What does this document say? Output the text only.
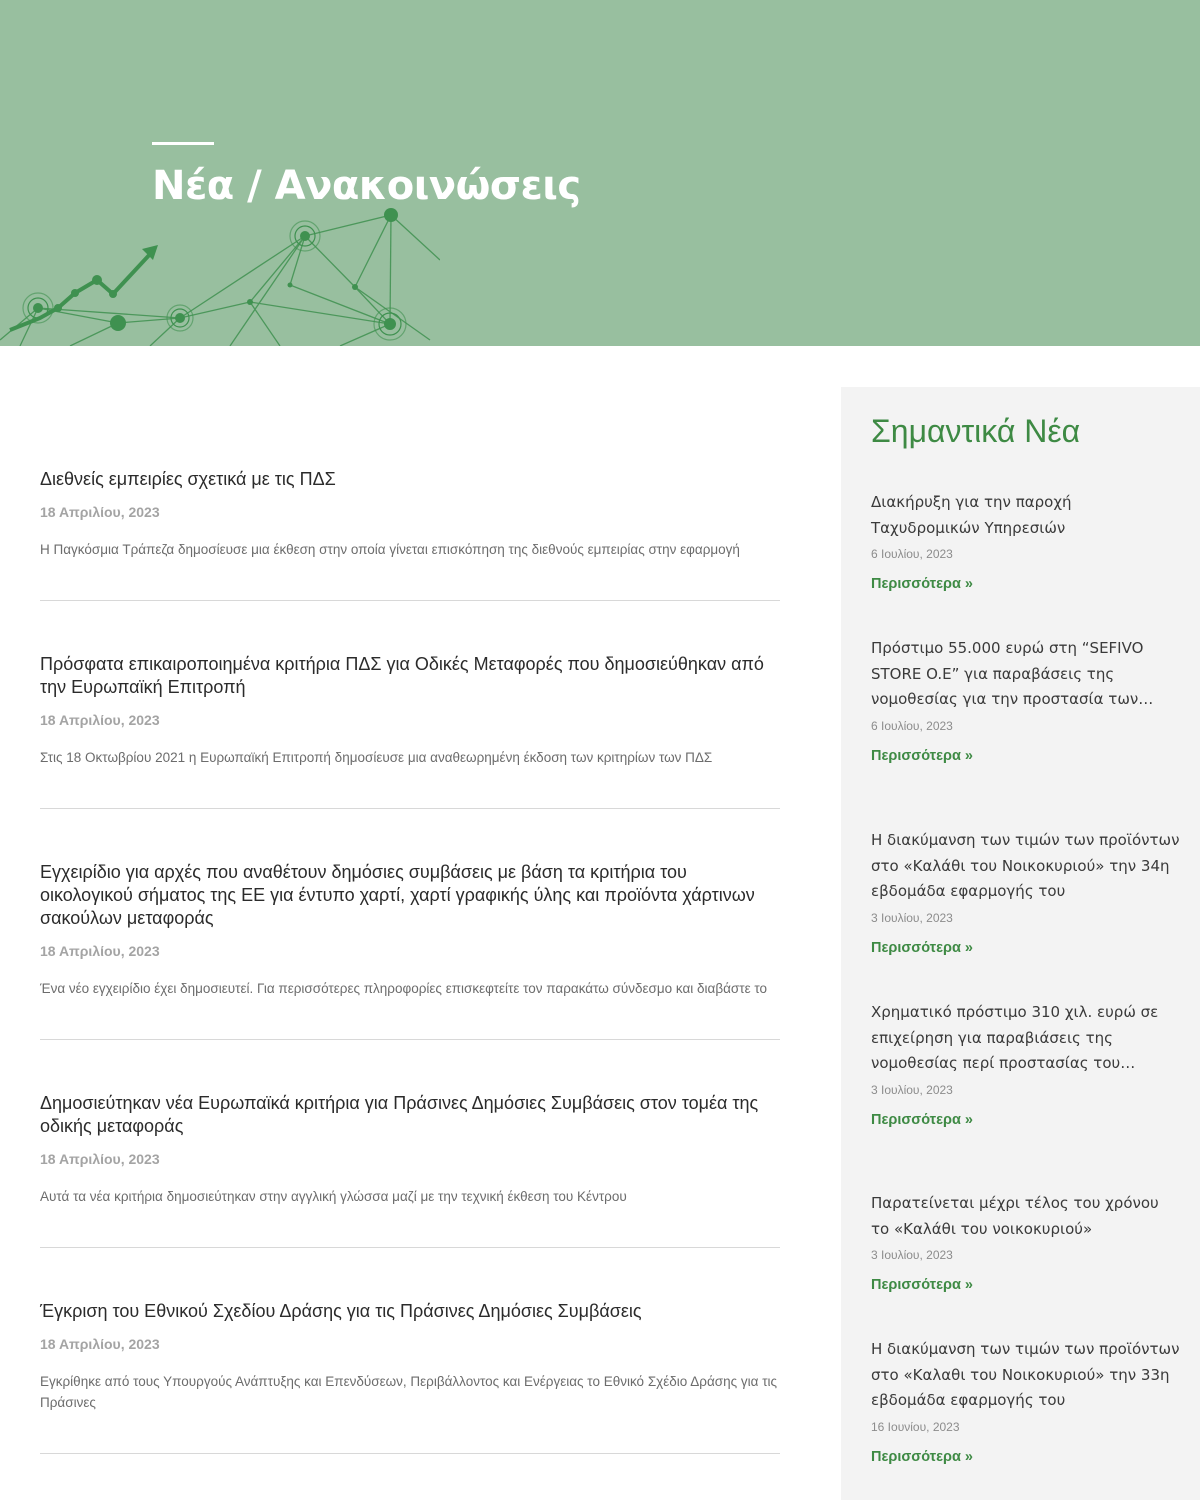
Νέα / Ανακοινώσεις
Διεθνείς εμπειρίες σχετικά με τις ΠΔΣ
18 Απριλίου, 2023
Η Παγκόσμια Τράπεζα δημοσίευσε μια έκθεση στην οποία γίνεται επισκόπηση της διεθνούς εμπειρίας στην εφαρμογή
Πρόσφατα επικαιροποιημένα κριτήρια ΠΔΣ για Οδικές Μεταφορές που δημοσιεύθηκαν από την Ευρωπαϊκή Επιτροπή
18 Απριλίου, 2023
Στις 18 Οκτωβρίου 2021 η Ευρωπαϊκή Επιτροπή δημοσίευσε μια αναθεωρημένη έκδοση των κριτηρίων των ΠΔΣ
Εγχειρίδιο για αρχές που αναθέτουν δημόσιες συμβάσεις με βάση τα κριτήρια του οικολογικού σήματος της ΕΕ για έντυπο χαρτί, χαρτί γραφικής ύλης και προϊόντα χάρτινων σακούλων μεταφοράς
18 Απριλίου, 2023
Ένα νέο εγχειρίδιο έχει δημοσιευτεί. Για περισσότερες πληροφορίες επισκεφτείτε τον παρακάτω σύνδεσμο και διαβάστε το
Δημοσιεύτηκαν νέα Ευρωπαϊκά κριτήρια για Πράσινες Δημόσιες Συμβάσεις στον τομέα της οδικής μεταφοράς
18 Απριλίου, 2023
Αυτά τα νέα κριτήρια δημοσιεύτηκαν στην αγγλική γλώσσα μαζί με την τεχνική έκθεση του Κέντρου
Έγκριση του Εθνικού Σχεδίου Δράσης για τις Πράσινες Δημόσιες Συμβάσεις
18 Απριλίου, 2023
Εγκρίθηκε από τους Υπουργούς Ανάπτυξης και Επενδύσεων, Περιβάλλοντος και Ενέργειας το Εθνικό Σχέδιο Δράσης για τις Πράσινες
Σημαντικά Νέα
Διακήρυξη για την παροχή Ταχυδρομικών Υπηρεσιών
6 Ιουλίου, 2023
Περισσότερα »
Πρόστιμο 55.000 ευρώ στη “SEFIVO STORE O.E” για παραβάσεις της νομοθεσίας για την προστασία των…
6 Ιουλίου, 2023
Περισσότερα »
Η διακύμανση των τιμών των προϊόντων στο «Καλάθι του Νοικοκυριού» την 34η εβδομάδα εφαρμογής του
3 Ιουλίου, 2023
Περισσότερα »
Χρηματικό πρόστιμο 310 χιλ. ευρώ σε επιχείρηση για παραβιάσεις της νομοθεσίας περί προστασίας του…
3 Ιουλίου, 2023
Περισσότερα »
Παρατείνεται μέχρι τέλος του χρόνου το «Καλάθι του νοικοκυριού»
3 Ιουλίου, 2023
Περισσότερα »
Η διακύμανση των τιμών των προϊόντων στο «Καλαθι του Νοικοκυριού» την 33η εβδομάδα εφαρμογής του
16 Ιουνίου, 2023
Περισσότερα »
